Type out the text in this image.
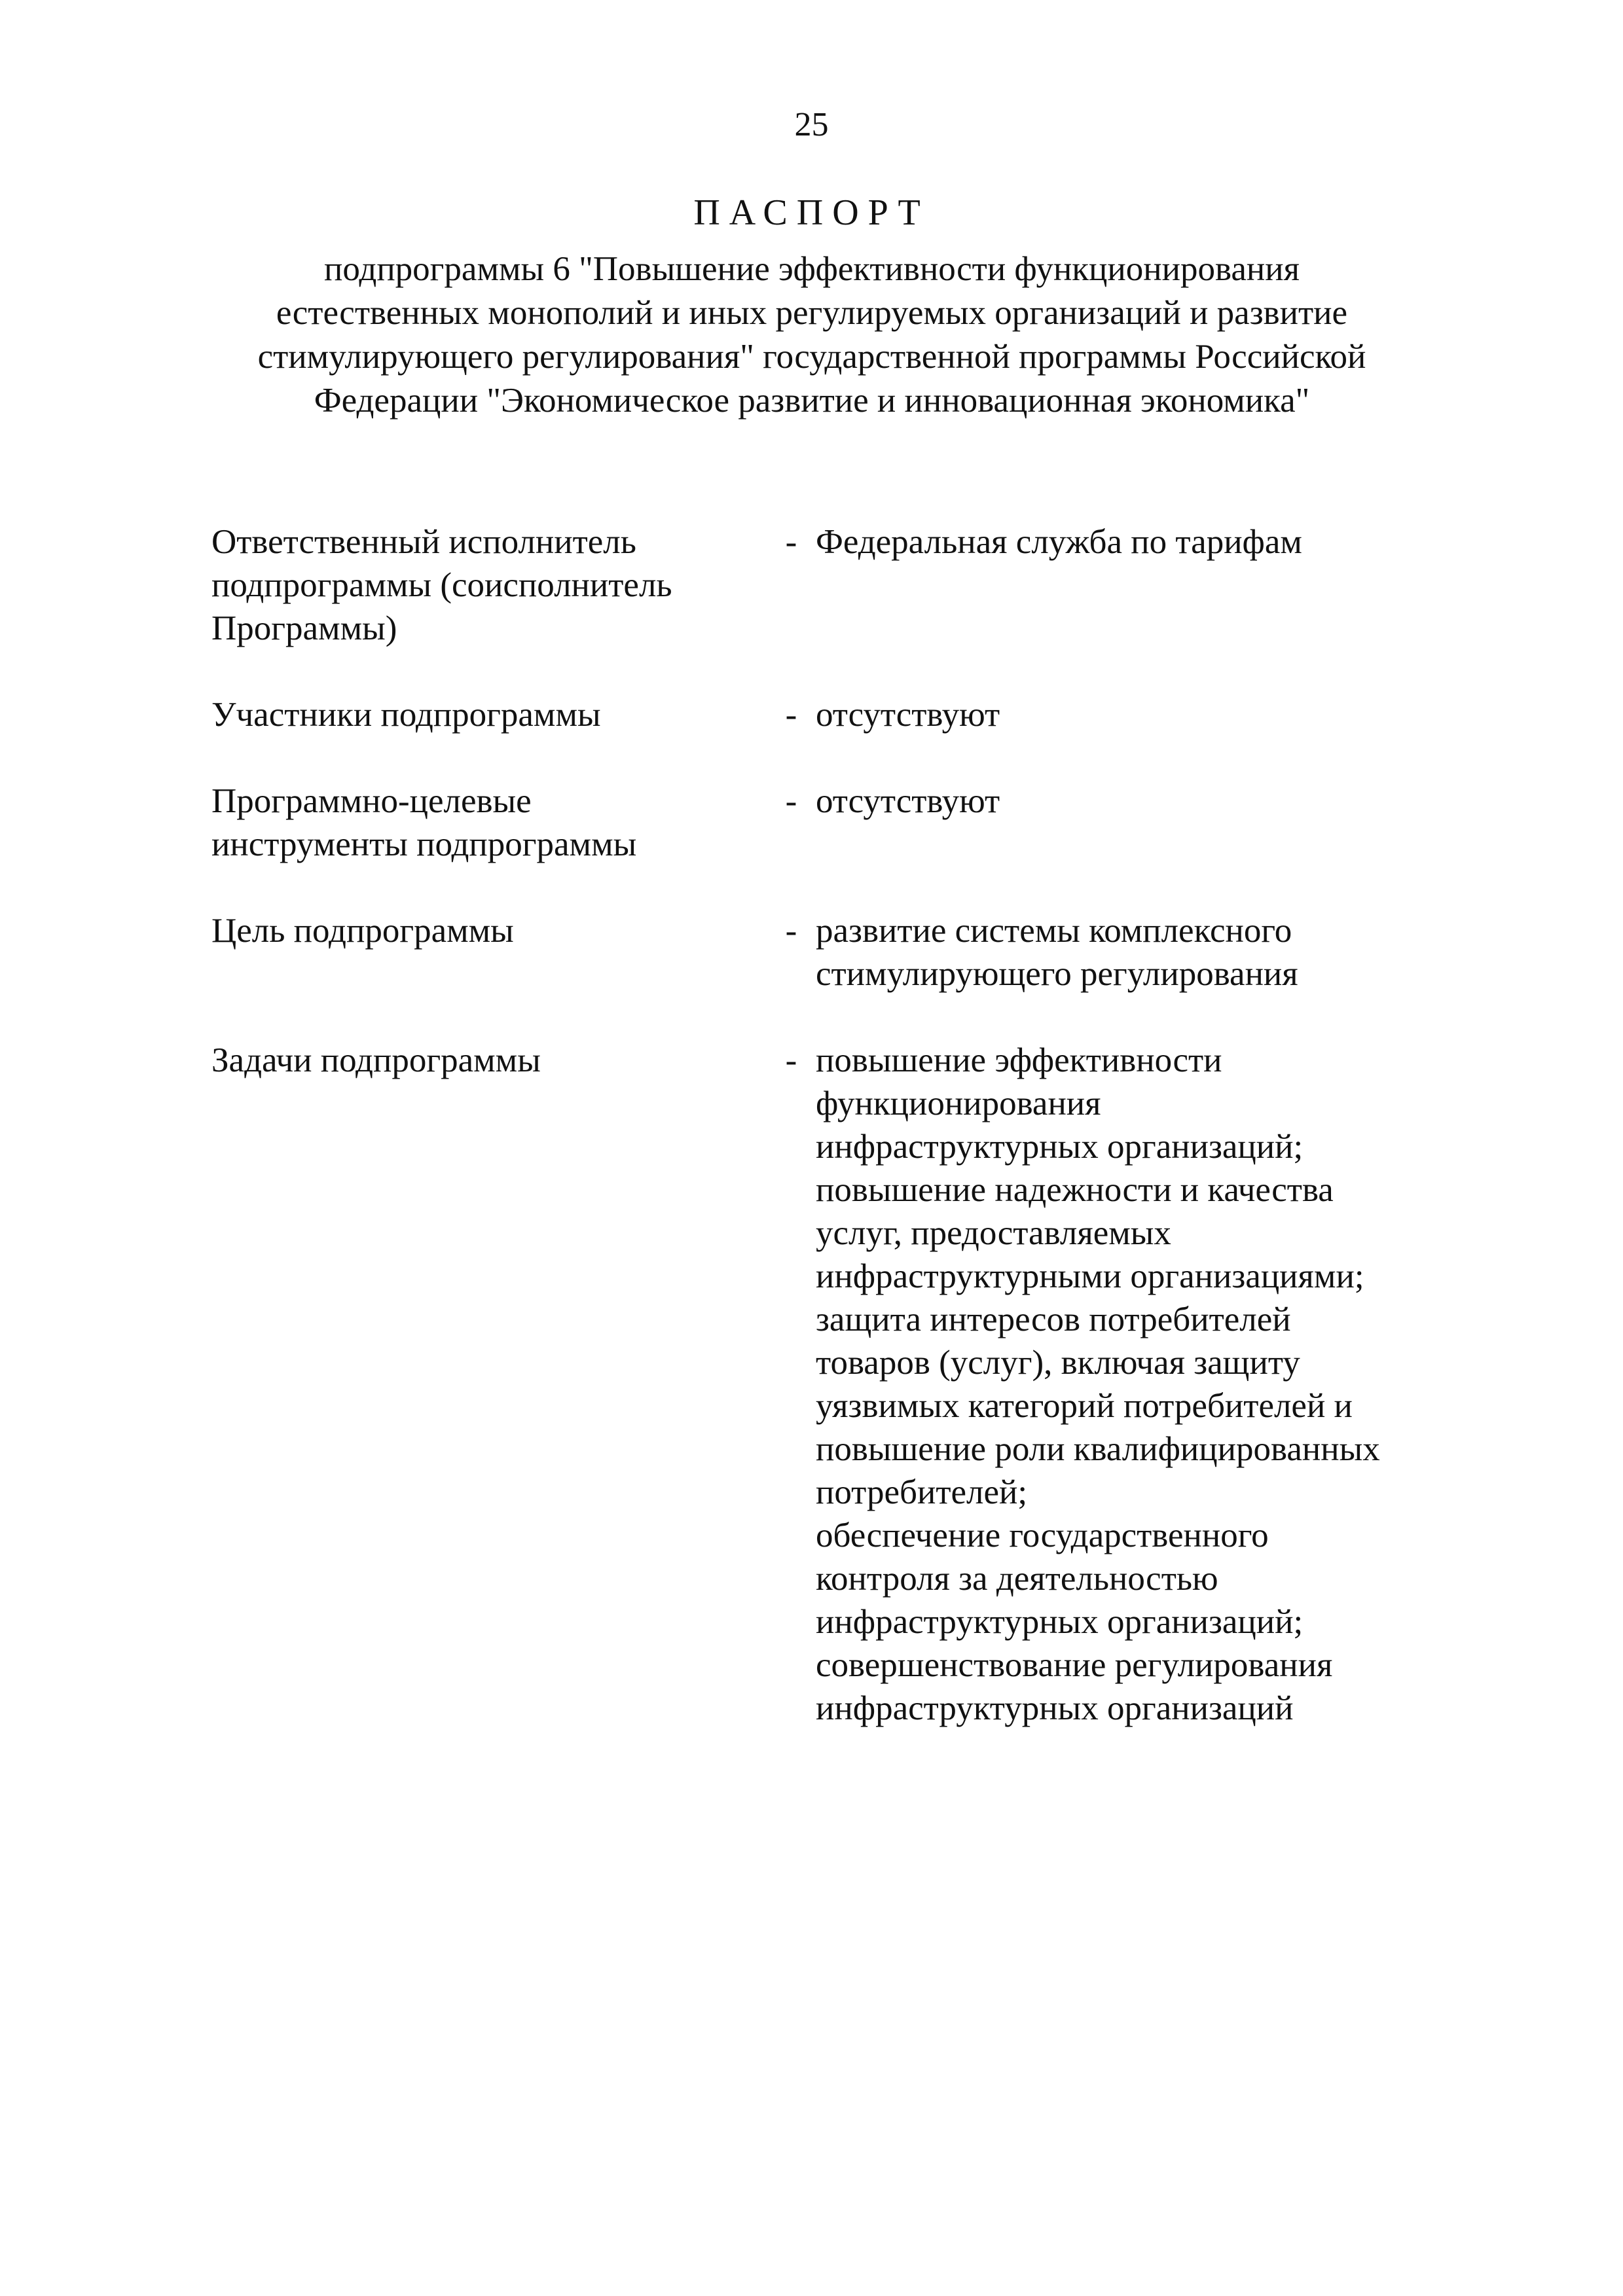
25
ПАСПОРТ
подпрограммы 6 "Повышение эффективности функционирования
естественных монополий и иных регулируемых организаций и развитие
стимулирующего регулирования" государственной программы Российской
Федерации "Экономическое развитие и инновационная экономика"
Ответственный исполнитель
подпрограммы (соисполнитель
Программы)
- Федеральная служба по тарифам
Участники подпрограммы	- отсутствуют
Программно-целевые
инструменты подпрограммы
- отсутствуют
Цель подпрограммы	- развитие системы комплексного
стимулирующего регулирования
Задачи подпрограммы	- повышение эффективности
функционирования
инфраструктурных организаций;
повышение надежности и качества
услуг, предоставляемых
инфраструктурными организациями;
защита интересов потребителей
товаров (услуг), включая защиту
уязвимых категорий потребителей и
повышение роли квалифицированных
потребителей;
обеспечение государственного
контроля за деятельностью
инфраструктурных организаций;
совершенствование регулирования
инфраструктурных организаций
